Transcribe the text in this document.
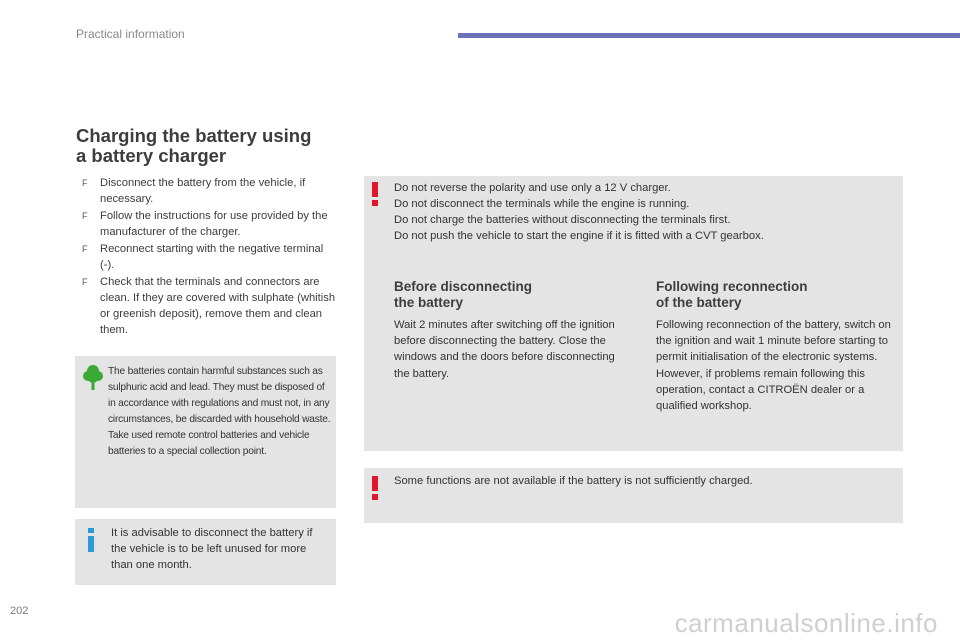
Practical information
Charging the battery using
a battery charger
F Disconnect the battery from the vehicle, if necessary.
F Follow the instructions for use provided by the manufacturer of the charger.
F Reconnect starting with the negative terminal (-).
F Check that the terminals and connectors are clean. If they are covered with sulphate (whitish or greenish deposit), remove them and clean them.

The batteries contain harmful substances such as sulphuric acid and lead. They must be disposed of in accordance with regulations and must not, in any circumstances, be discarded with household waste.

Take used remote control batteries and vehicle batteries to a special collection point.

It is advisable to disconnect the battery if the vehicle is to be left unused for more than one month.

Do not reverse the polarity and use only a 12 V charger.

Do not disconnect the terminals while the engine is running.

Do not charge the batteries without disconnecting the terminals first.

Do not push the vehicle to start the engine if it is fitted with a CVT gearbox.

Before disconnecting
the battery
Wait 2 minutes after switching off the ignition before disconnecting the battery. Close the windows and the doors before disconnecting the battery.
Following reconnection
of the battery
Following reconnection of the battery, switch on the ignition and wait 1 minute before starting to permit initialisation of the electronic systems. However, if problems remain following this operation, contact a CITROËN dealer or a qualified workshop.
Some functions are not available if the battery is not sufficiently charged.
202	carmanualsonline.info
